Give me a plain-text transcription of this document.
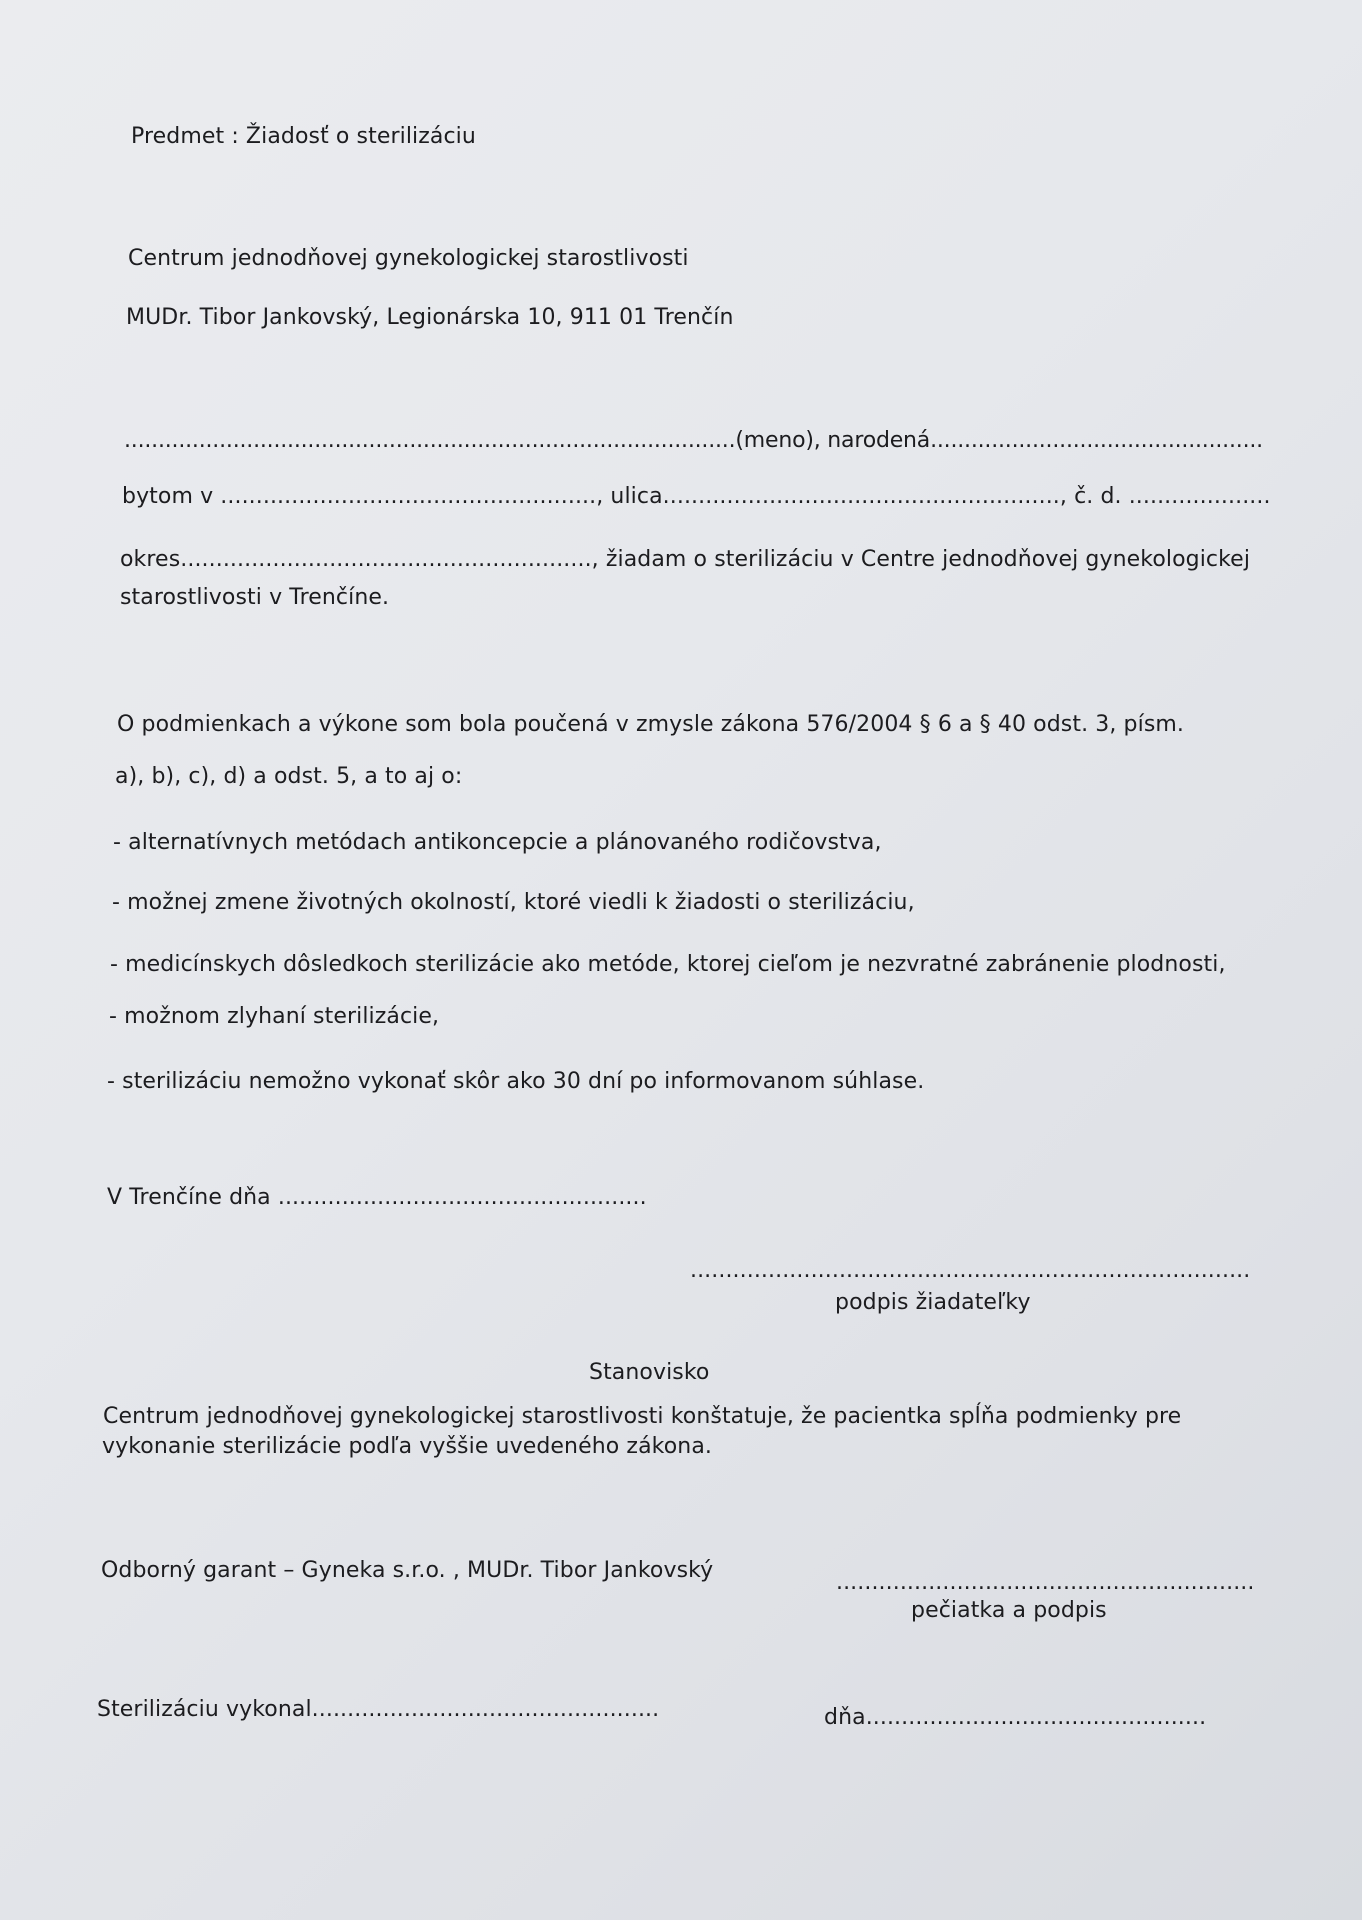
Predmet : Žiadosť o sterilizáciu
Centrum jednodňovej gynekologickej starostlivosti
MUDr. Tibor Jankovský, Legionárska 10, 911 01 Trenčín
..........................................................................................(meno), narodená.................................................
bytom v ....................................................., ulica........................................................, č. d. ....................
okres.........................................................., žiadam o sterilizáciu v Centre jednodňovej gynekologickej
starostlivosti v Trenčíne.
O podmienkach a výkone som bola poučená v zmysle zákona 576/2004 § 6 a § 40 odst. 3, písm.
a), b), c), d) a odst. 5, a to aj o:
- alternatívnych metódach antikoncepcie a plánovaného rodičovstva,
- možnej zmene životných okolností, ktoré viedli k žiadosti o sterilizáciu,
- medicínskych dôsledkoch sterilizácie ako metóde, ktorej cieľom je nezvratné zabránenie plodnosti,
- možnom zlyhaní sterilizácie,
- sterilizáciu nemožno vykonať skôr ako 30 dní po informovanom súhlase.
V Trenčíne dňa ....................................................
...............................................................................
podpis žiadateľky
Stanovisko
Centrum jednodňovej gynekologickej starostlivosti konštatuje, že pacientka spĺňa podmienky pre
vykonanie sterilizácie podľa vyššie uvedeného zákona.
Odborný garant – Gyneka s.r.o. , MUDr. Tibor Jankovský	...........................................................
pečiatka a podpis
Sterilizáciu vykonal.................................................	dňa................................................
